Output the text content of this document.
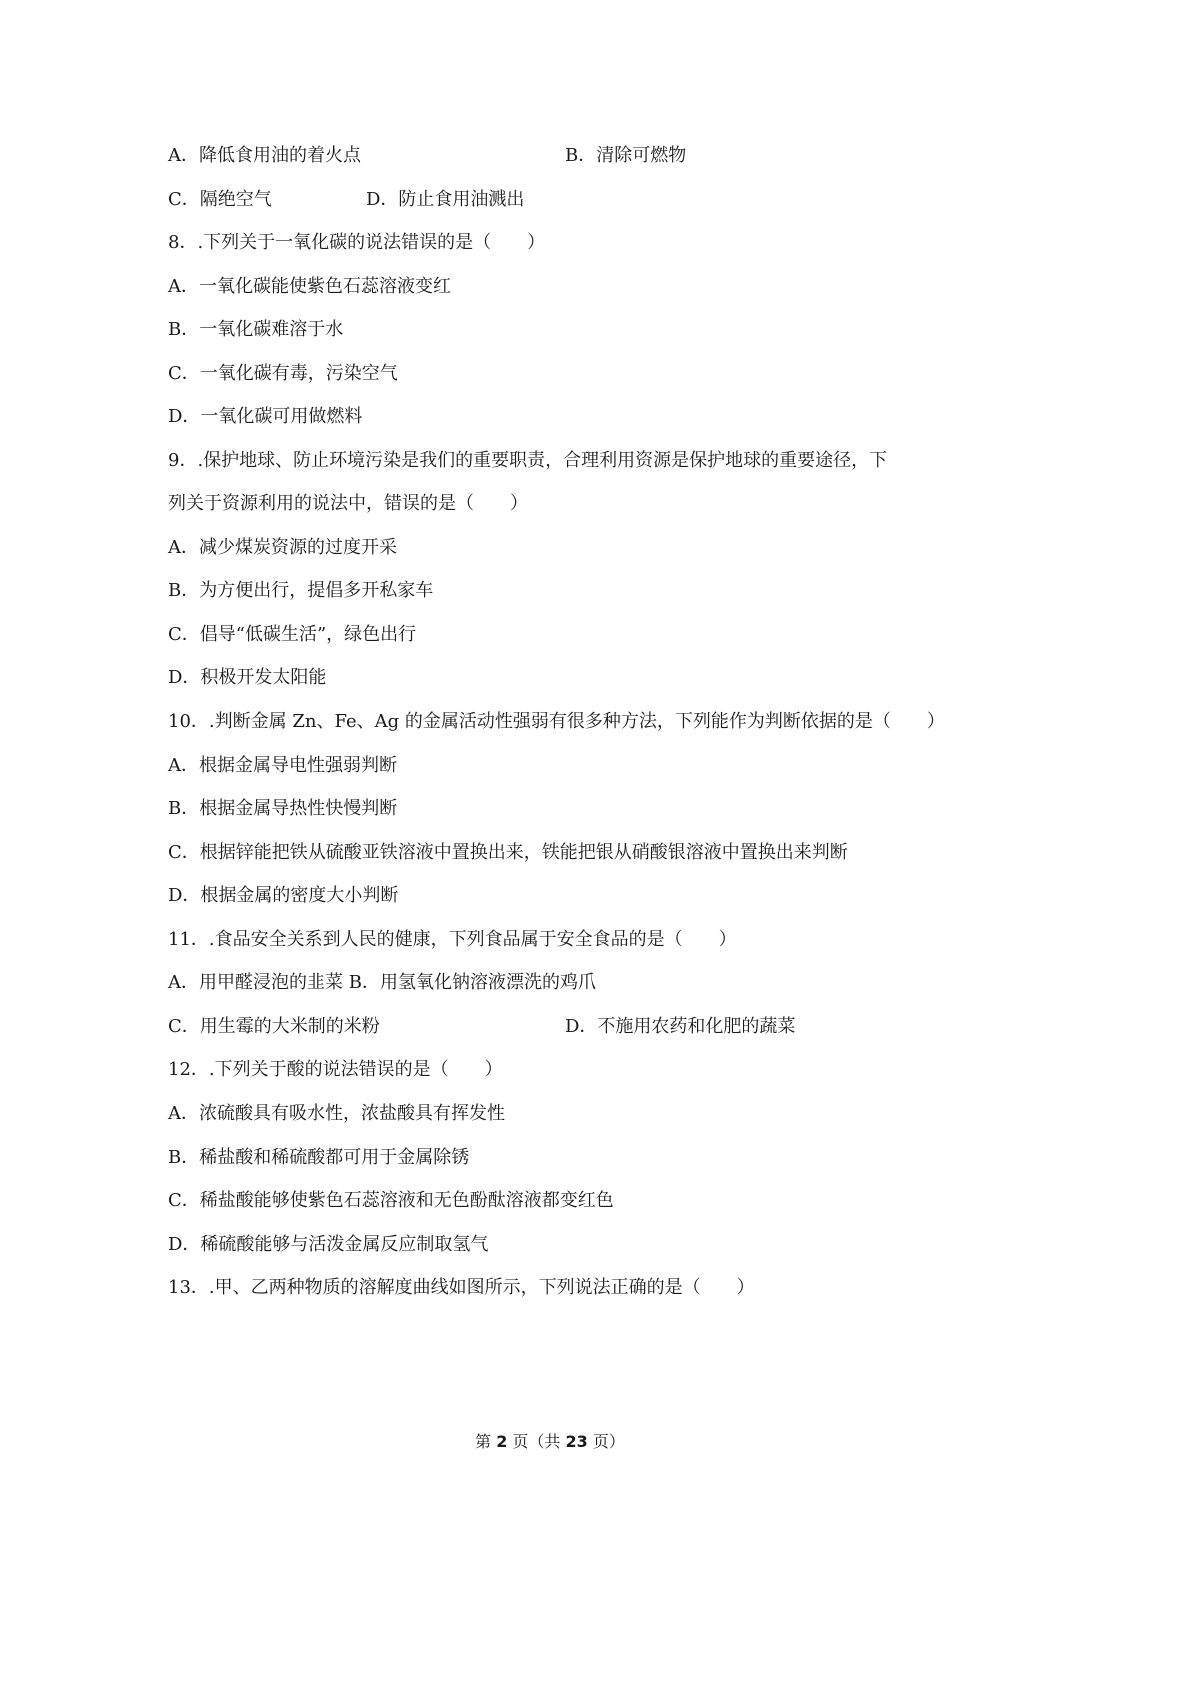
A．降低食用油的着火点	B．清除可燃物
C．隔绝空气	D．防止食用油溅出
8．.下列关于一氧化碳的说法错误的是（　　）
A．一氧化碳能使紫色石蕊溶液变红
B．一氧化碳难溶于水
C．一氧化碳有毒，污染空气
D．一氧化碳可用做燃料
9．.保护地球、防止环境污染是我们的重要职责，合理利用资源是保护地球的重要途径，下
列关于资源利用的说法中，错误的是（　　）
A．减少煤炭资源的过度开采
B．为方便出行，提倡多开私家车
C．倡导“低碳生活”，绿色出行
D．积极开发太阳能
10．.判断金属 Zn、Fe、Ag 的金属活动性强弱有很多种方法，下列能作为判断依据的是（　　）
A．根据金属导电性强弱判断
B．根据金属导热性快慢判断
C．根据锌能把铁从硫酸亚铁溶液中置换出来，铁能把银从硝酸银溶液中置换出来判断
D．根据金属的密度大小判断
11．.食品安全关系到人民的健康，下列食品属于安全食品的是（　　）
A．用甲醛浸泡的韭菜 B．用氢氧化钠溶液漂洗的鸡爪
C．用生霉的大米制的米粉	D．不施用农药和化肥的蔬菜
12．.下列关于酸的说法错误的是（　　）
A．浓硫酸具有吸水性，浓盐酸具有挥发性
B．稀盐酸和稀硫酸都可用于金属除锈
C．稀盐酸能够使紫色石蕊溶液和无色酚酞溶液都变红色
D．稀硫酸能够与活泼金属反应制取氢气
13．.甲、乙两种物质的溶解度曲线如图所示，下列说法正确的是（　　）
第 2 页（共 23 页）
